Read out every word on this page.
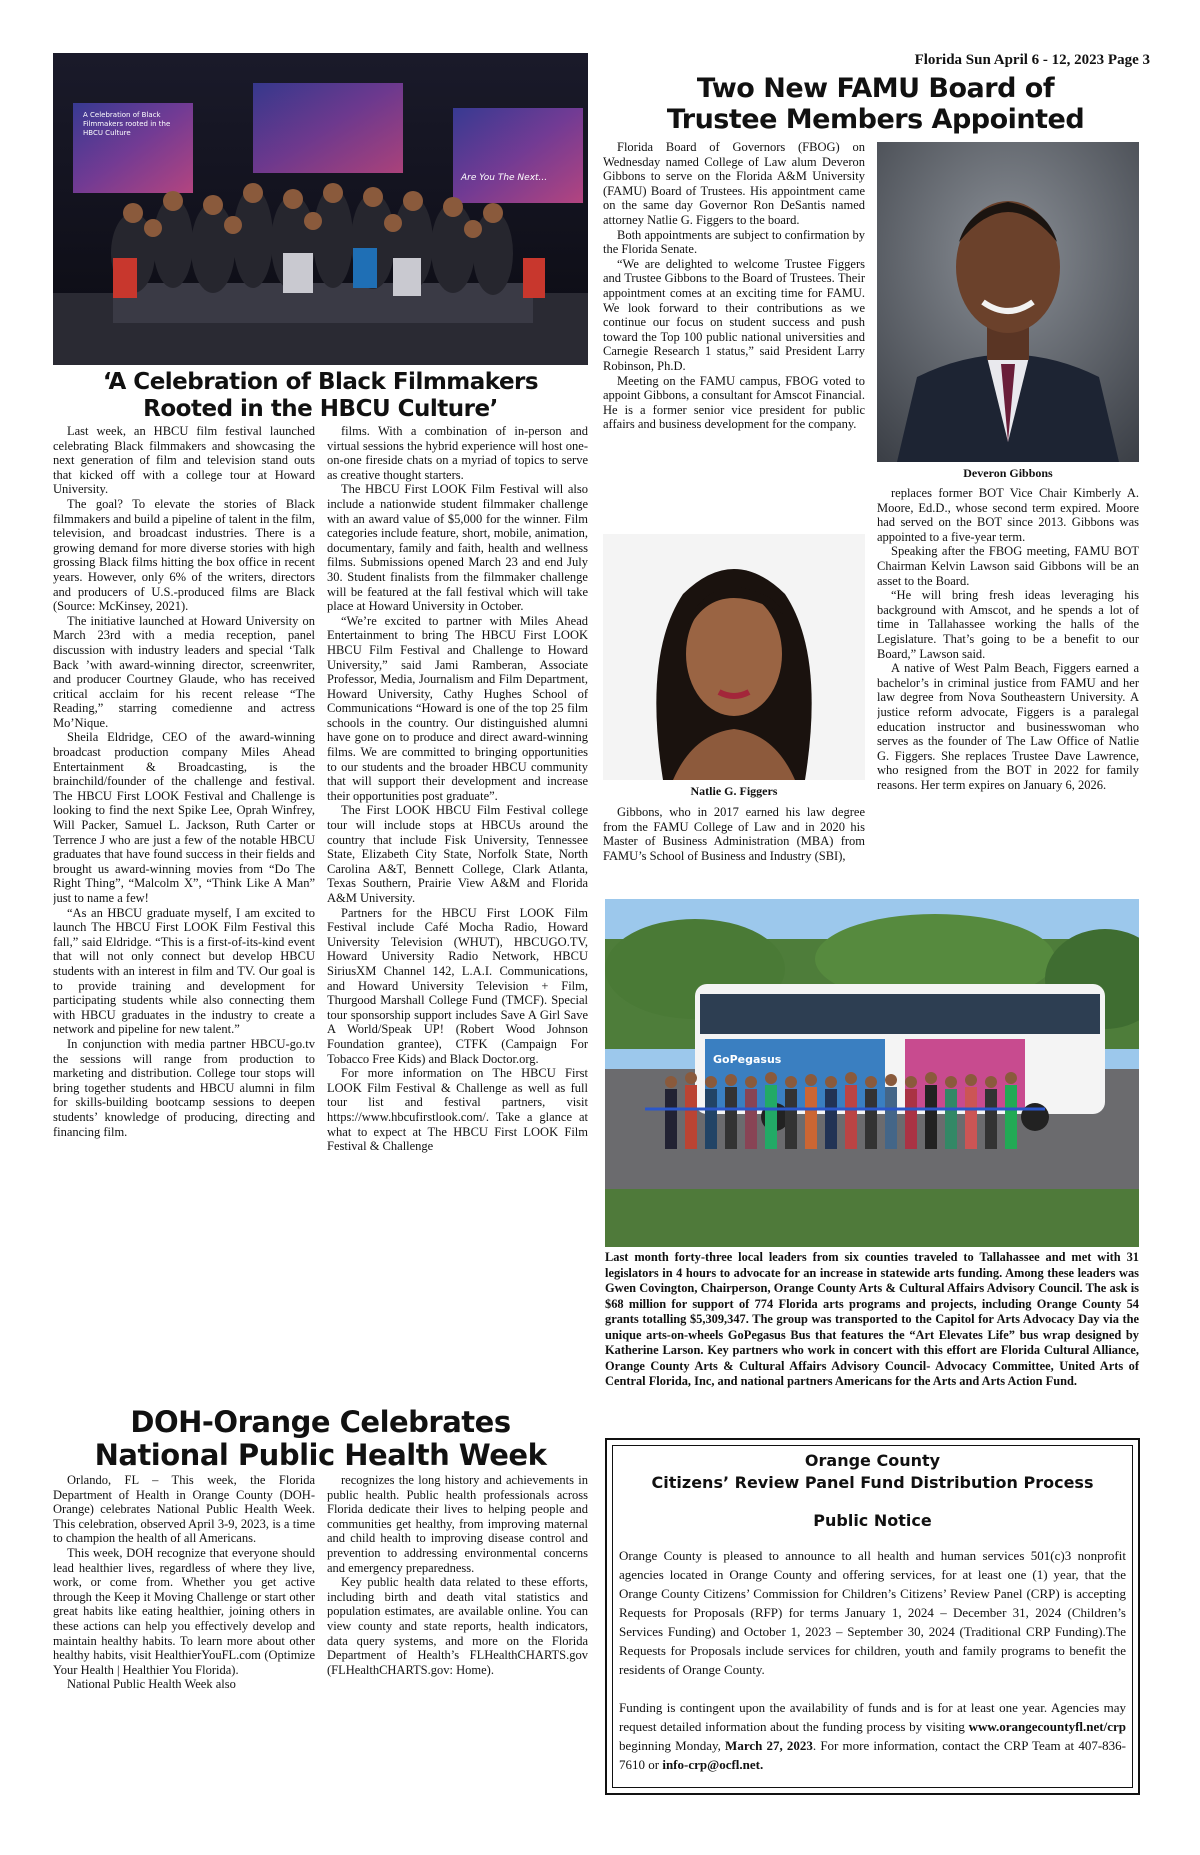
Florida Sun April 6 - 12, 2023 Page 3
A Celebration of Black Filmmakers rooted in the HBCU Culture
Are You The Next...
‘A Celebration of Black Filmmakers
Rooted in the HBCU Culture’

Last week, an HBCU film festival launched celebrating Black filmmakers and showcasing the next generation of film and television stand outs that kicked off with a college tour at Howard University.

The goal? To elevate the stories of Black filmmakers and build a pipeline of talent in the film, television, and broadcast industries. There is a growing demand for more diverse stories with high grossing Black films hitting the box office in recent years. However, only 6% of the writers, directors and producers of U.S.-produced films are Black (Source: McKinsey, 2021).

The initiative launched at Howard University on March 23rd with a media reception, panel discussion with industry leaders and special ‘Talk Back ’with award-winning director, screenwriter, and producer Courtney Glaude, who has received critical acclaim for his recent release “The Reading,” starring comedienne and actress Mo’Nique.

Sheila Eldridge, CEO of the award-winning broadcast production company Miles Ahead Entertainment & Broadcasting, is the brainchild/founder of the challenge and festival. The HBCU First LOOK Festival and Challenge is looking to find the next Spike Lee, Oprah Winfrey, Will Packer, Samuel L. Jackson, Ruth Carter or Terrence J who are just a few of the notable HBCU graduates that have found success in their fields and brought us award-winning movies from “Do The Right Thing”, “Malcolm X”, “Think Like A Man” just to name a few!

“As an HBCU graduate myself, I am excited to launch The HBCU First LOOK Film Festival this fall,” said Eldridge. “This is a first-of-its-kind event that will not only connect but develop HBCU students with an interest in film and TV. Our goal is to provide training and development for participating students while also connecting them with HBCU graduates in the industry to create a network and pipeline for new talent.”

In conjunction with media partner HBCU-go.tv the sessions will range from production to marketing and distribution. College tour stops will bring together students and HBCU alumni in film for skills-building bootcamp sessions to deepen students’ knowledge of producing, directing and financing film.

films. With a combination of in-person and virtual sessions the hybrid experience will host one-on-one fireside chats on a myriad of topics to serve as creative thought starters.

The HBCU First LOOK Film Festival will also include a nationwide student filmmaker challenge with an award value of $5,000 for the winner. Film categories include feature, short, mobile, animation, documentary, family and faith, health and wellness films. Submissions opened March 23 and end July 30. Student finalists from the filmmaker challenge will be featured at the fall festival which will take place at Howard University in October.

“We’re excited to partner with Miles Ahead Entertainment to bring The HBCU First LOOK HBCU Film Festival and Challenge to Howard University,” said Jami Ramberan, Associate Professor, Media, Journalism and Film Department, Howard University, Cathy Hughes School of Communications “Howard is one of the top 25 film schools in the country. Our distinguished alumni have gone on to produce and direct award-winning films. We are committed to bringing opportunities to our students and the broader HBCU community that will support their development and increase their opportunities post graduate”.

The First LOOK HBCU Film Festival college tour will include stops at HBCUs around the country that include Fisk University, Tennessee State, Elizabeth City State, Norfolk State, North Carolina A&T, Bennett College, Clark Atlanta, Texas Southern, Prairie View A&M and Florida A&M University.

Partners for the HBCU First LOOK Film Festival include Café Mocha Radio, Howard University Television (WHUT), HBCUGO.TV, Howard University Radio Network, HBCU SiriusXM Channel 142, L.A.I. Communications, and Howard University Television + Film, Thurgood Marshall College Fund (TMCF). Special tour sponsorship support includes Save A Girl Save A World/Speak UP! (Robert Wood Johnson Foundation grantee), CTFK (Campaign For Tobacco Free Kids) and Black Doctor.org.

For more information on The HBCU First LOOK Film Festival & Challenge as well as full tour list and festival partners, visit https://www.hbcufirstlook.com/. Take a glance at what to expect at The HBCU First LOOK Film Festival & Challenge

Two New FAMU Board of
Trustee Members Appointed

Florida Board of Governors (FBOG) on Wednesday named College of Law alum Deveron Gibbons to serve on the Florida A&M University (FAMU) Board of Trustees. His appointment came on the same day Governor Ron DeSantis named attorney Natlie G. Figgers to the board.

Both appointments are subject to confirmation by the Florida Senate.

“We are delighted to welcome Trustee Figgers and Trustee Gibbons to the Board of Trustees. Their appointment comes at an exciting time for FAMU. We look forward to their contributions as we continue our focus on student success and push toward the Top 100 public national universities and Carnegie Research 1 status,” said President Larry Robinson, Ph.D.

Meeting on the FAMU campus, FBOG voted to appoint Gibbons, a consultant for Amscot Financial. He is a former senior vice president for public affairs and business development for the company.

Deveron Gibbons

replaces former BOT Vice Chair Kimberly A. Moore, Ed.D., whose second term expired. Moore had served on the BOT since 2013. Gibbons was appointed to a five-year term.

Speaking after the FBOG meeting, FAMU BOT Chairman Kelvin Lawson said Gibbons will be an asset to the Board.

“He will bring fresh ideas leveraging his background with Amscot, and he spends a lot of time in Tallahassee working the halls of the Legislature. That’s going to be a benefit to our Board,” Lawson said.

A native of West Palm Beach, Figgers earned a bachelor’s in criminal justice from FAMU and her law degree from Nova Southeastern University. A justice reform advocate, Figgers is a paralegal education instructor and businesswoman who serves as the founder of The Law Office of Natlie G. Figgers. She replaces Trustee Dave Lawrence, who resigned from the BOT in 2022 for family reasons. Her term expires on January 6, 2026.

Natlie G. Figgers

Gibbons, who in 2017 earned his law degree from the FAMU College of Law and in 2020 his Master of Business Administration (MBA) from FAMU’s School of Business and Industry (SBI),

GoPegasus
Last month forty-three local leaders from six counties traveled to Tallahassee and met with 31 legislators in 4 hours to advocate for an increase in statewide arts funding. Among these leaders was Gwen Covington, Chairperson, Orange County Arts & Cultural Affairs Advisory Council. The ask is $68 million for support of 774 Florida arts programs and projects, including Orange County 54 grants totalling $5,309,347. The group was transported to the Capitol for Arts Advocacy Day via the unique arts-on-wheels GoPegasus Bus that features the “Art Elevates Life” bus wrap designed by Katherine Larson. Key partners who work in concert with this effort are Florida Cultural Alliance, Orange County Arts & Cultural Affairs Advisory Council- Advocacy Committee, United Arts of Central Florida, Inc, and national partners Americans for the Arts and Arts Action Fund.
DOH-Orange Celebrates
National Public Health Week

Orlando, FL – This week, the Florida Department of Health in Orange County (DOH-Orange) celebrates National Public Health Week. This celebration, observed April 3-9, 2023, is a time to champion the health of all Americans.

This week, DOH recognize that everyone should lead healthier lives, regardless of where they live, work, or come from. Whether you get active through the Keep it Moving Challenge or start other great habits like eating healthier, joining others in these actions can help you effectively develop and maintain healthy habits. To learn more about other healthy habits, visit HealthierYouFL.com (Optimize Your Health | Healthier You Florida).

National Public Health Week also

recognizes the long history and achievements in public health. Public health professionals across Florida dedicate their lives to helping people and communities get healthy, from improving maternal and child health to improving disease control and prevention to addressing environmental concerns and emergency preparedness.

Key public health data related to these efforts, including birth and death vital statistics and population estimates, are available online. You can view county and state reports, health indicators, data query systems, and more on the Florida Department of Health’s FLHealthCHARTS.gov (FLHealthCHARTS.gov: Home).

Orange County
Citizens’ Review Panel Fund Distribution Process
Public Notice

Orange County is pleased to announce to all health and human services 501(c)3 nonprofit agencies located in Orange County and offering services, for at least one (1) year, that the Orange County Citizens’ Commission for Children’s Citizens’ Review Panel (CRP) is accepting Requests for Proposals (RFP) for terms January 1, 2024 – December 31, 2024 (Children’s Services Funding) and October 1, 2023 – September 30, 2024 (Traditional CRP Funding).The Requests for Proposals include services for children, youth and family programs to benefit the residents of Orange County.

Funding is contingent upon the availability of funds and is for at least one year. Agencies may request detailed information about the funding process by visiting www.orangecountyfl.net/crp beginning Monday, March 27, 2023. For more information, contact the CRP Team at 407-836-7610 or info-crp@ocfl.net.
